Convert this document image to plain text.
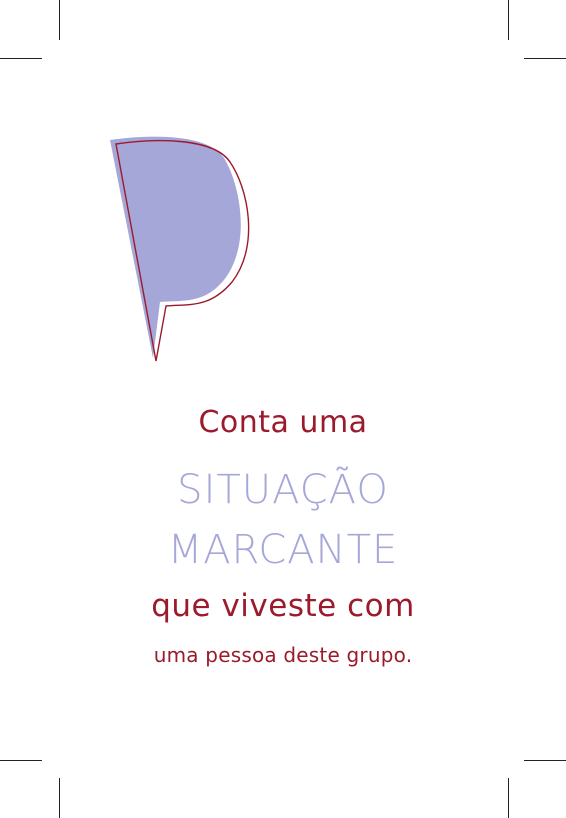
Conta uma
SITUAÇÃO
MARCANTE
que viveste com
uma pessoa deste grupo.
